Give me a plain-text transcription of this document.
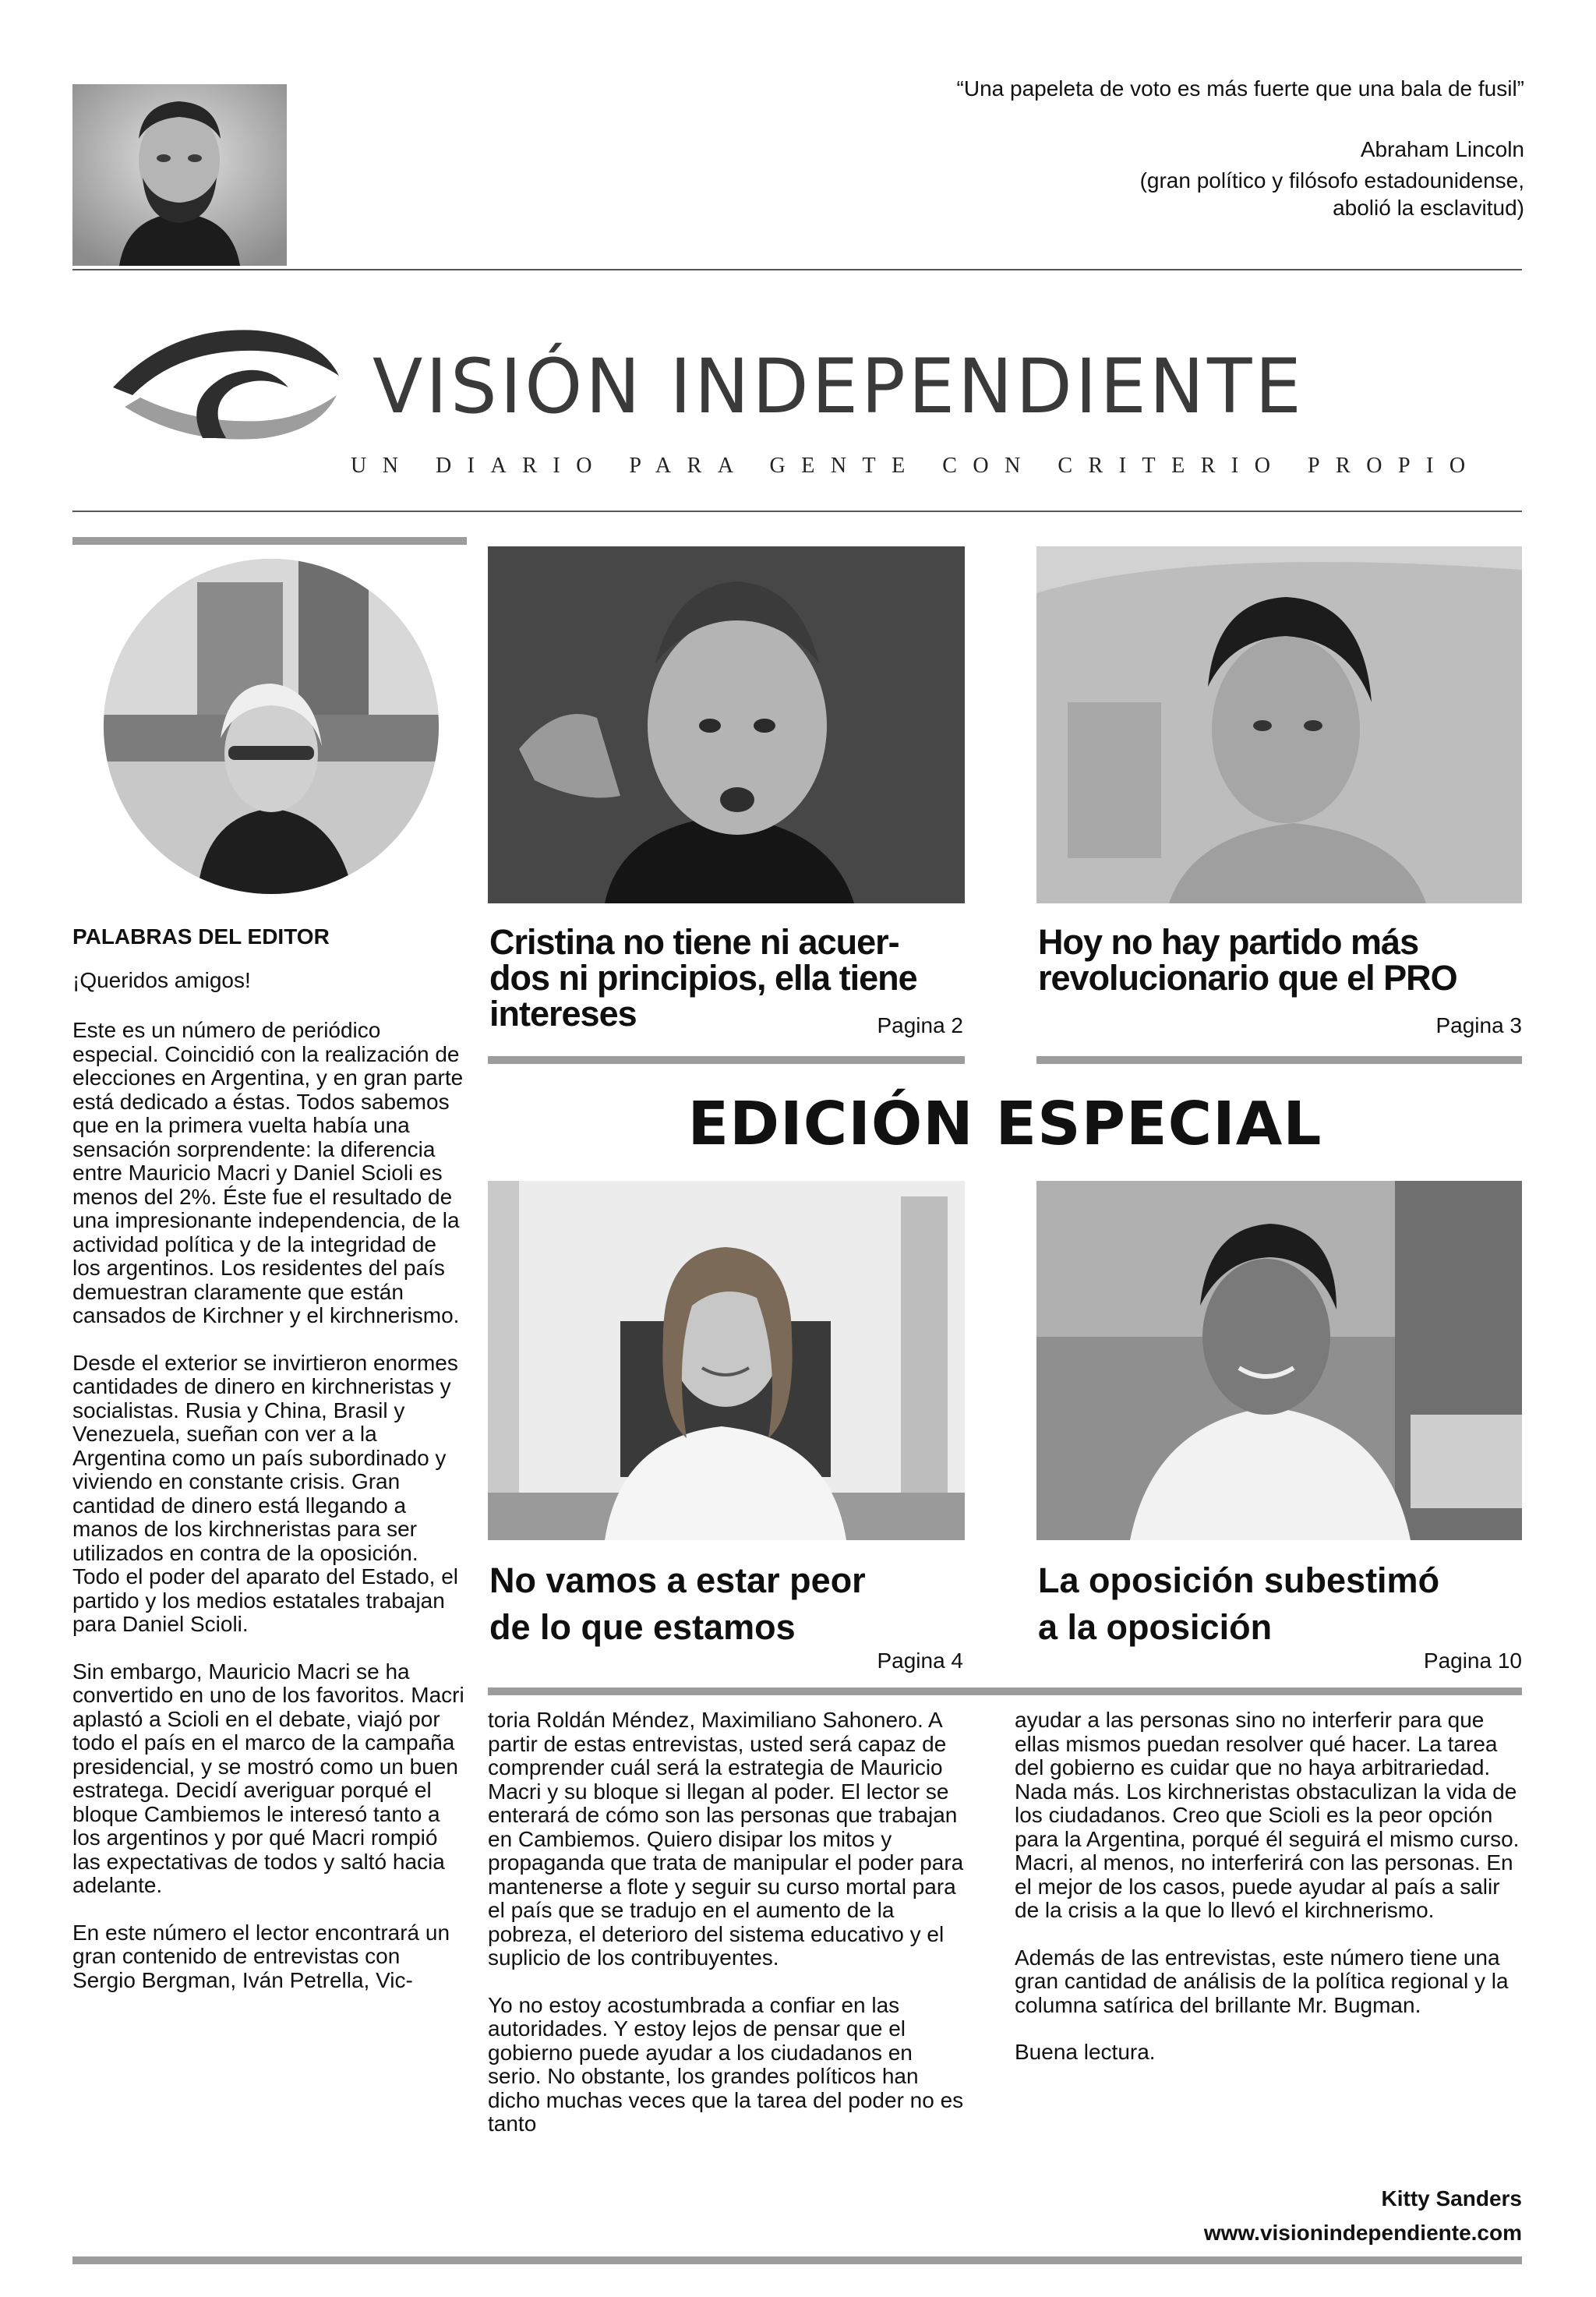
“Una papeleta de voto es más fuerte que una bala de fusil”
Abraham Lincoln
(gran político y filósofo estadounidense,
abolió la esclavitud)
VISIÓN INDEPENDIENTE
UN DIARIO PARA GENTE CON CRITERIO PROPIO
PALABRAS DEL EDITOR
¡Queridos amigos!

Este es un número de periódico especial. Coincidió con la realización de elecciones en Argentina, y en gran parte está dedicado a éstas. Todos sabemos que en la primera vuelta había una sensación sorprendente: la diferencia entre Mauricio Macri y Daniel Scioli es menos del 2%. Éste fue el resultado de una impresionante independencia, de la actividad política y de la integridad de los argentinos. Los residentes del país demuestran claramente que están cansados de Kirchner y el kirchnerismo.

Desde el exterior se invirtieron enormes cantidades de dinero en kirchneristas y socialistas. Rusia y China, Brasil y Venezuela, sueñan con ver a la Argentina como un país subordinado y viviendo en constante crisis. Gran cantidad de dinero está llegando a manos de los kirchneristas para ser utilizados en contra de la oposición. Todo el poder del aparato del Estado, el partido y los medios estatales trabajan para Daniel Scioli.

Sin embargo, Mauricio Macri se ha convertido en uno de los favoritos. Macri aplastó a Scioli en el debate, viajó por todo el país en el marco de la campaña presidencial, y se mostró como un buen estratega. Decidí averiguar porqué el bloque Cambiemos le interesó tanto a los argentinos y por qué Macri rompió las expectativas de todos y saltó hacia adelante.

En este número el lector encontrará un gran contenido de entrevistas con Sergio Bergman, Iván Petrella, Vic-

Cristina no tiene ni acuer-
dos ni principios, ella tiene
intereses	Pagina 2
Hoy no hay partido más
revolucionario que el PRO
Pagina 3
EDICIÓN ESPECIAL
No vamos a estar peor
de lo que estamos
Pagina 4
La oposición subestimó
a la oposición
Pagina 10

toria Roldán Méndez, Maximiliano Sahonero. A partir de estas entrevistas, usted será capaz de comprender cuál será la estrategia de Mauricio Macri y su bloque si llegan al poder. El lector se enterará de cómo son las personas que trabajan en Cambiemos. Quiero disipar los mitos y propaganda que trata de manipular el poder para mantenerse a flote y seguir su curso mortal para el país que se tradujo en el aumento de la pobreza, el deterioro del sistema educativo y el suplicio de los contribuyentes.

Yo no estoy acostumbrada a confiar en las autoridades. Y estoy lejos de pensar que el gobierno puede ayudar a los ciudadanos en serio. No obstante, los grandes políticos han dicho muchas veces que la tarea del poder no es tanto

ayudar a las personas sino no interferir para que ellas mismos puedan resolver qué hacer. La tarea del gobierno es cuidar que no haya arbitrariedad. Nada más. Los kirchneristas obstaculizan la vida de los ciudadanos. Creo que Scioli es la peor opción para la Argentina, porqué él seguirá el mismo curso. Macri, al menos, no interferirá con las personas. En el mejor de los casos, puede ayudar al país a salir de la crisis a la que lo llevó el kirchnerismo.

Además de las entrevistas, este número tiene una gran cantidad de análisis de la política regional y la columna satírica del brillante Mr. Bugman.

Buena lectura.

Kitty Sanders
www.visionindependiente.com
